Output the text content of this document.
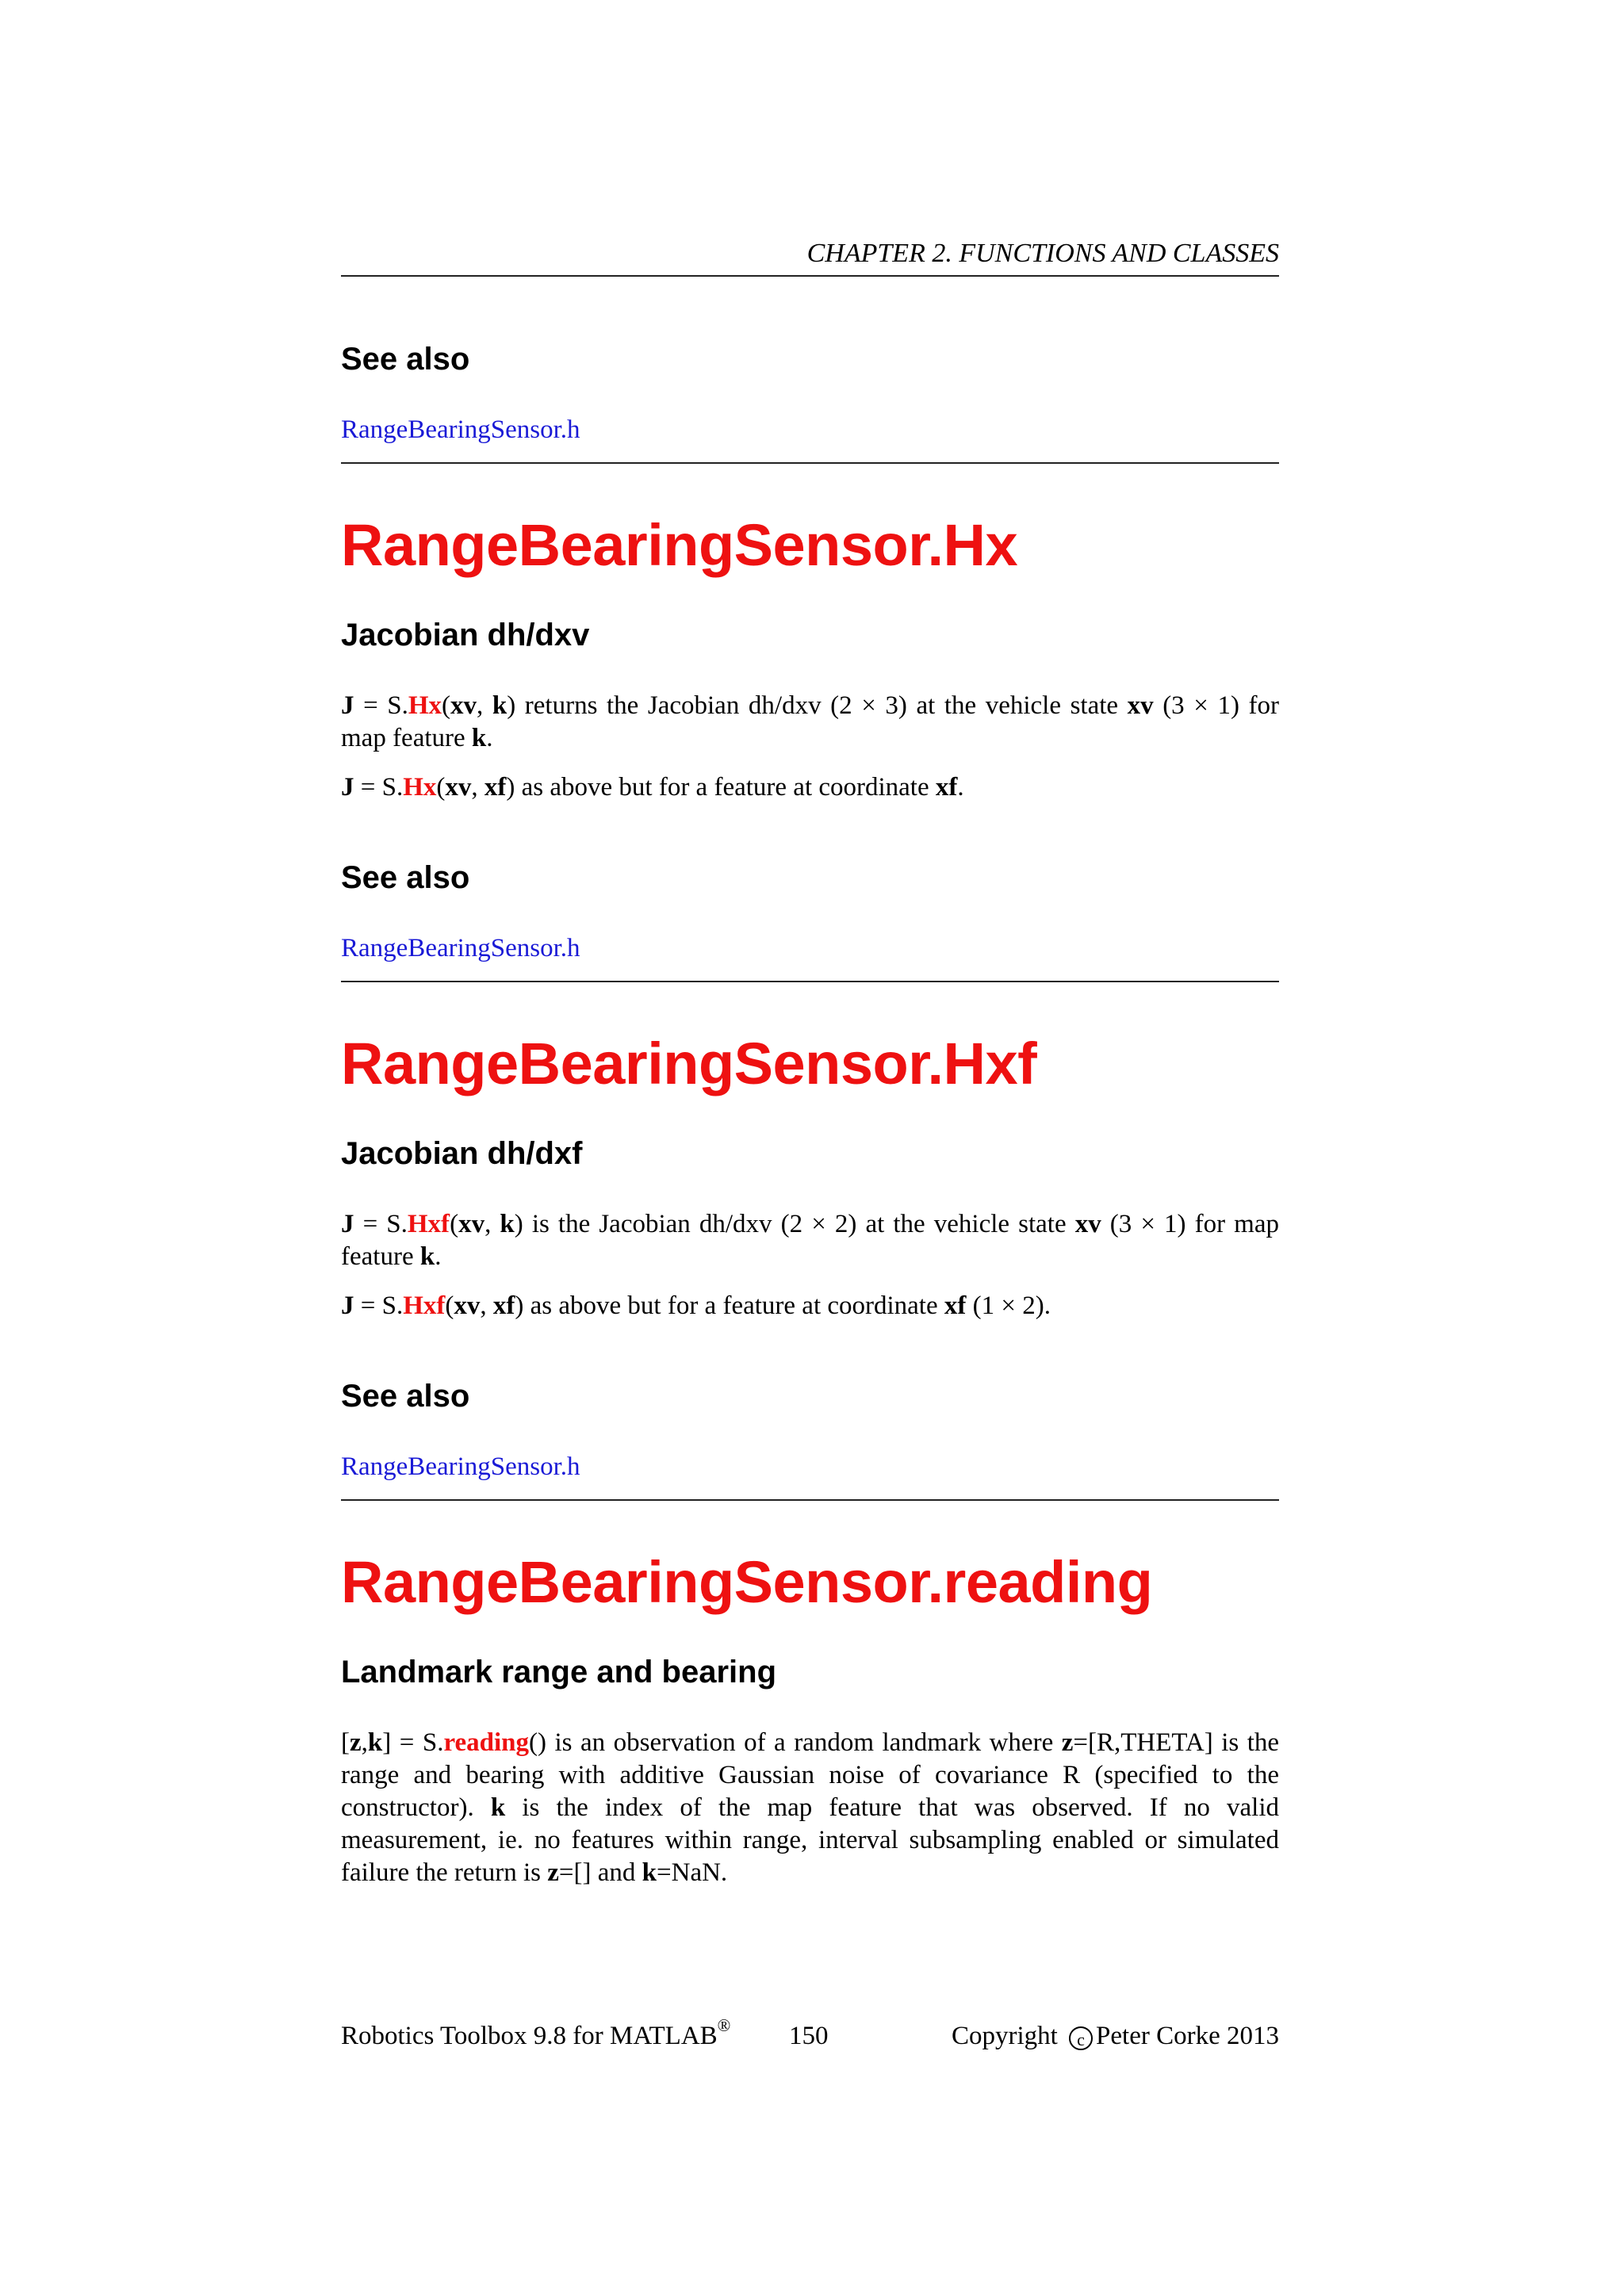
CHAPTER 2. FUNCTIONS AND CLASSES
See also
RangeBearingSensor.h
RangeBearingSensor.Hx
Jacobian dh/dxv
J = S.Hx(xv, k) returns the Jacobian dh/dxv (2 × 3) at the vehicle state xv (3 × 1) for map feature k.
J = S.Hx(xv, xf) as above but for a feature at coordinate xf.
See also
RangeBearingSensor.h
RangeBearingSensor.Hxf
Jacobian dh/dxf
J = S.Hxf(xv, k) is the Jacobian dh/dxv (2 × 2) at the vehicle state xv (3 × 1) for map feature k.
J = S.Hxf(xv, xf) as above but for a feature at coordinate xf (1 × 2).
See also
RangeBearingSensor.h
RangeBearingSensor.reading
Landmark range and bearing
[z,k] = S.reading() is an observation of a random landmark where z=[R,THETA] is the range and bearing with additive Gaussian noise of covariance R (specified to the constructor). k is the index of the map feature that was observed. If no valid measurement, ie. no features within range, interval subsampling enabled or simulated failure the return is z=[] and k=NaN.
Robotics Toolbox 9.8 for MATLAB® 150	Copyright c Peter Corke 2013
